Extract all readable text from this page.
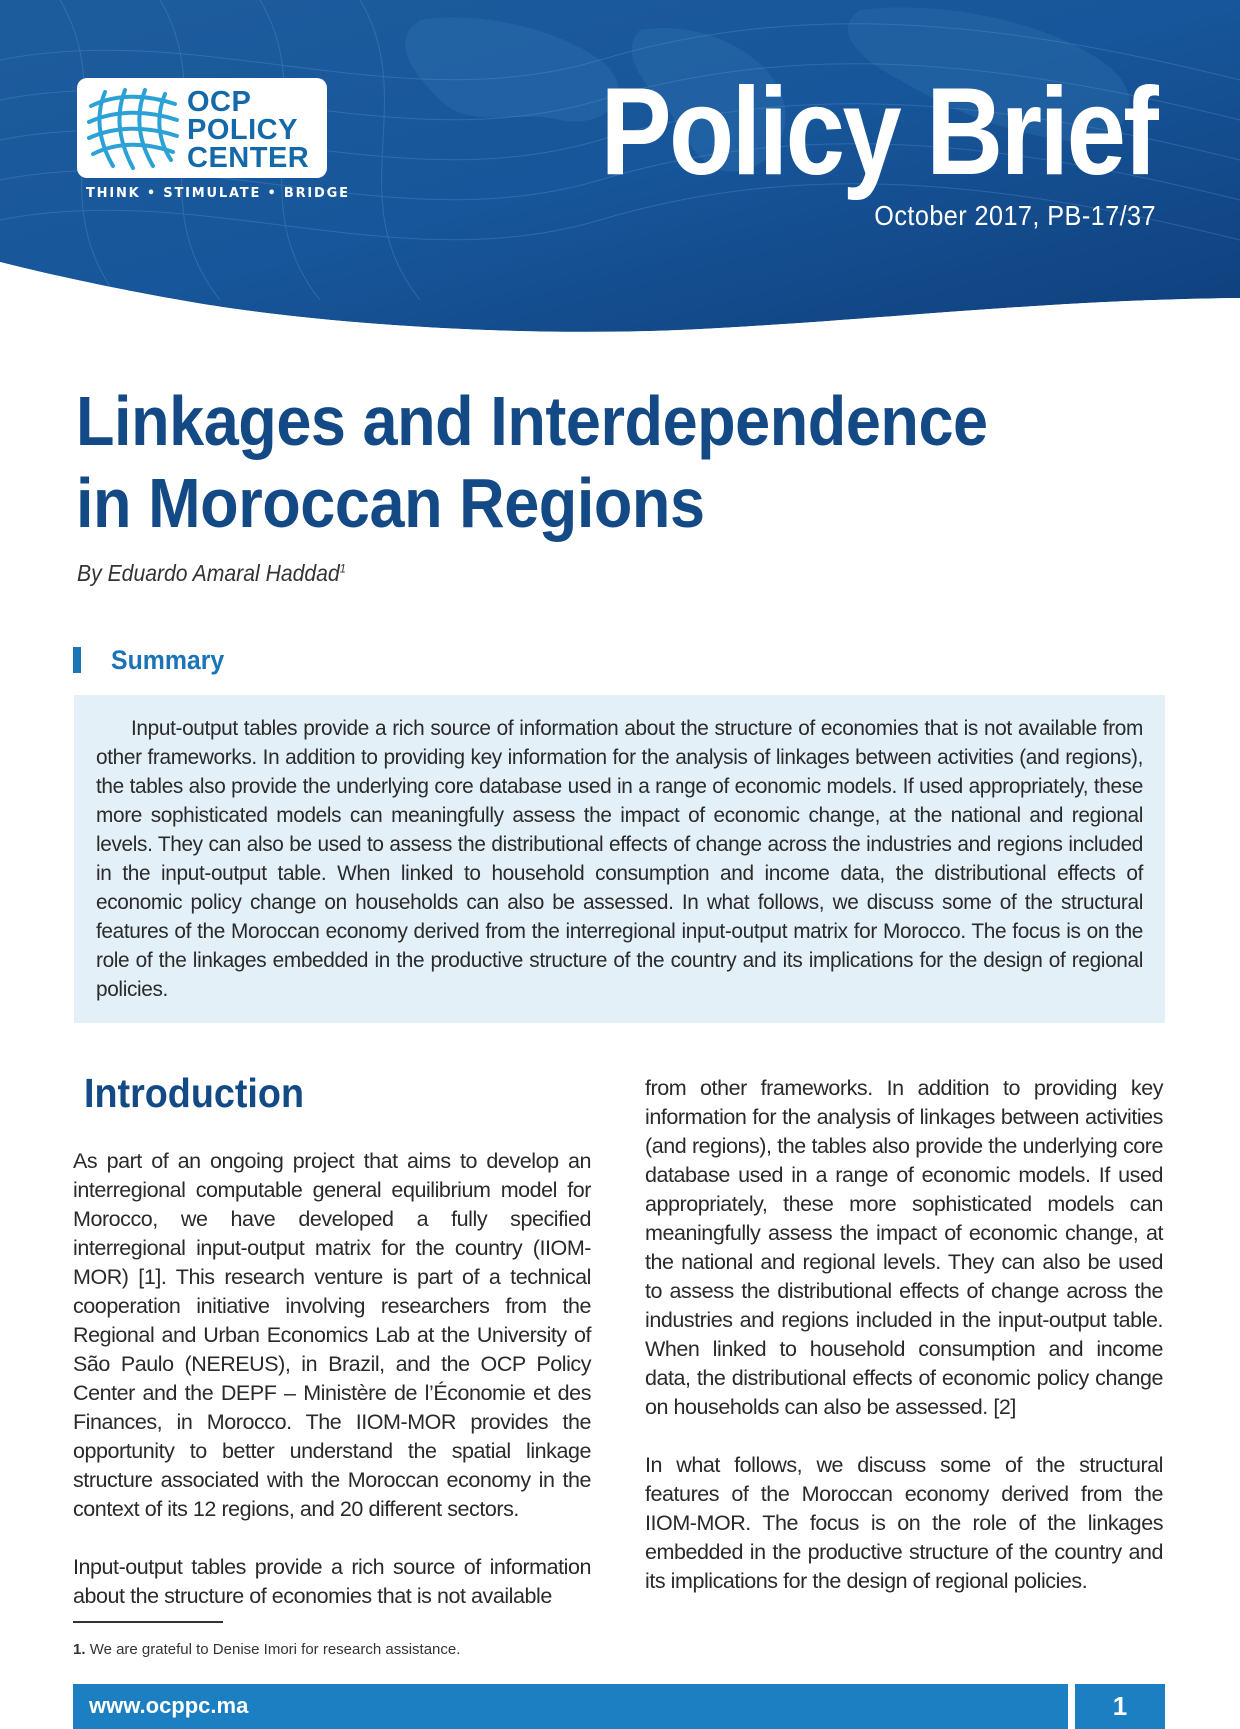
OCP
POLICY
CENTER
THINK • STIMULATE • BRIDGE Policy Brief
October 2017, PB-17/37
Linkages and Interdependence
in Moroccan Regions
By Eduardo Amaral Haddad$^1$
Summary

Input-output tables provide a rich source of information about the structure of economies that is not available from other frameworks. In addition to providing key information for the analysis of linkages between activities (and regions), the tables also provide the underlying core database used in a range of economic models. If used appropriately, these more sophisticated models can meaningfully assess the impact of economic change, at the national and regional levels. They can also be used to assess the distributional effects of change across the industries and regions included in the input-output table. When linked to household consumption and income data, the distributional effects of economic policy change on households can also be assessed. In what follows, we discuss some of the structural features of the Moroccan economy derived from the interregional input-output matrix for Morocco. The focus is on the role of the linkages embedded in the productive structure of the country and its implications for the design of regional policies.

Introduction

As part of an ongoing project that aims to develop an interregional computable general equilibrium model for Morocco, we have developed a fully specified interregional input-output matrix for the country (IIOM-MOR) [1]. This research venture is part of a technical cooperation initiative involving researchers from the Regional and Urban Economics Lab at the University of São Paulo (NEREUS), in Brazil, and the OCP Policy Center and the DEPF – Ministère de l’Économie et des Finances, in Morocco. The IIOM-MOR provides the opportunity to better understand the spatial linkage structure associated with the Moroccan economy in the context of its 12 regions, and 20 different sectors.

Input-output tables provide a rich source of information about the structure of economies that is not available

from other frameworks. In addition to providing key information for the analysis of linkages between activities (and regions), the tables also provide the underlying core database used in a range of economic models. If used appropriately, these more sophisticated models can meaningfully assess the impact of economic change, at the national and regional levels. They can also be used to assess the distributional effects of change across the industries and regions included in the input-output table. When linked to household consumption and income data, the distributional effects of economic policy change on households can also be assessed. [2]

In what follows, we discuss some of the structural features of the Moroccan economy derived from the IIOM-MOR. The focus is on the role of the linkages embedded in the productive structure of the country and its implications for the design of regional policies.

1. We are grateful to Denise Imori for research assistance.
www.ocppc.ma	1
